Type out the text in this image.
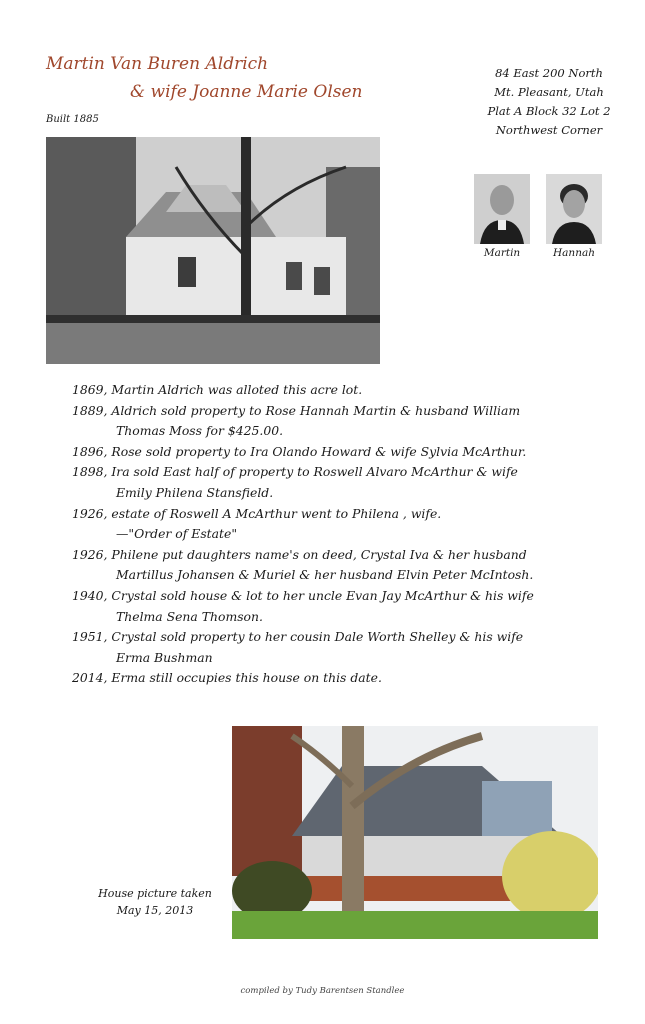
Martin Van Buren Aldrich
& wife Joanne Marie Olsen
Built 1885
84 East 200 North
Mt. Pleasant, Utah
Plat A Block 32 Lot 2
Northwest Corner
Martin	Hannah
1869, Martin Aldrich was alloted this acre lot.
1889, Aldrich sold property to Rose Hannah Martin & husband William
Thomas Moss for $425.00.
1896, Rose sold property to Ira Olando Howard & wife Sylvia McArthur.
1898, Ira sold East half of property to Roswell Alvaro McArthur & wife
Emily Philena Stansfield.
1926, estate of Roswell A McArthur went to Philena , wife.
—"Order of Estate"
1926, Philene put daughters name's on deed, Crystal Iva & her husband
Martillus Johansen & Muriel & her husband Elvin Peter McIntosh.
1940, Crystal sold house & lot to her uncle Evan Jay McArthur & his wife
Thelma Sena Thomson.
1951, Crystal sold property to her cousin Dale Worth Shelley & his wife
Erma Bushman
2014, Erma still occupies this house on this date.
House picture taken
May 15, 2013
compiled by Tudy Barentsen Standlee
